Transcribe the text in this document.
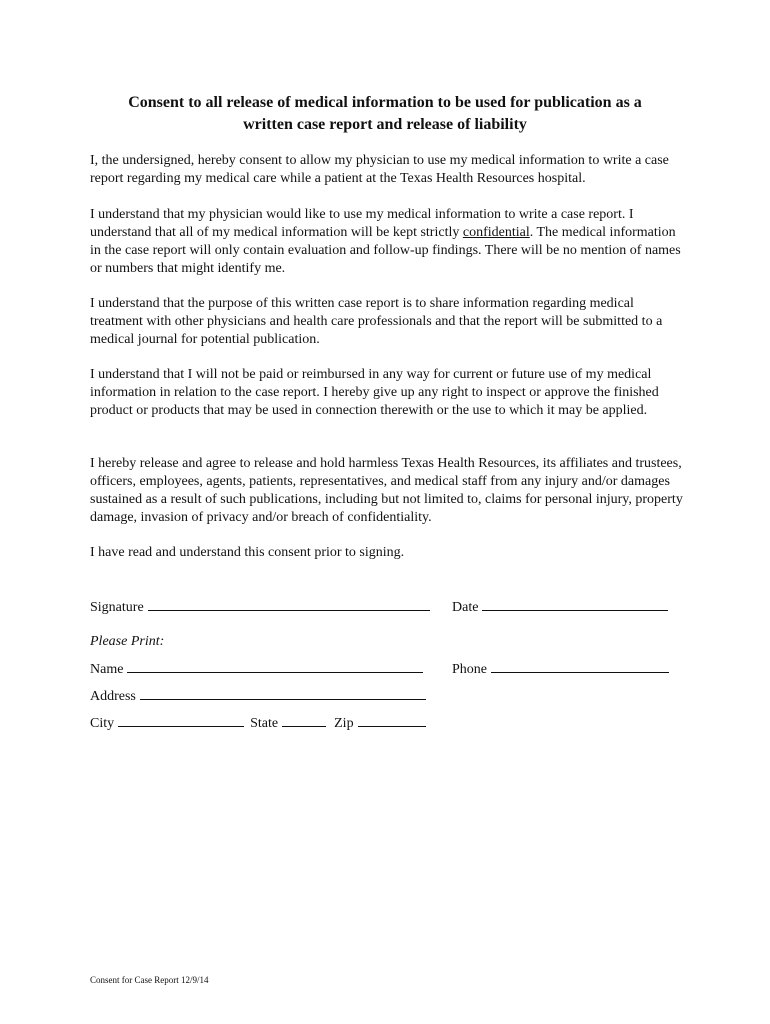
Consent to all release of medical information to be used for publication as a
written case report and release of liability

I, the undersigned, hereby consent to allow my physician to use my medical information to write a case report regarding my medical care while a patient at the Texas Health Resources hospital.

I understand that my physician would like to use my medical information to write a case report. I understand that all of my medical information will be kept strictly confidential. The medical information in the case report will only contain evaluation and follow-up findings. There will be no mention of names or numbers that might identify me.

I understand that the purpose of this written case report is to share information regarding medical treatment with other physicians and health care professionals and that the report will be submitted to a medical journal for potential publication.

I understand that I will not be paid or reimbursed in any way for current or future use of my medical information in relation to the case report. I hereby give up any right to inspect or approve the finished product or products that may be used in connection therewith or the use to which it may be applied.

I hereby release and agree to release and hold harmless Texas Health Resources, its affiliates and trustees, officers, employees, agents, patients, representatives, and medical staff from any injury and/or damages sustained as a result of such publications, including but not limited to, claims for personal injury, property damage, invasion of privacy and/or breach of confidentiality.

I have read and understand this consent prior to signing.

Signature	Date
Please Print:
Name	Phone
Address
City	State	Zip
Consent for Case Report 12/9/14
